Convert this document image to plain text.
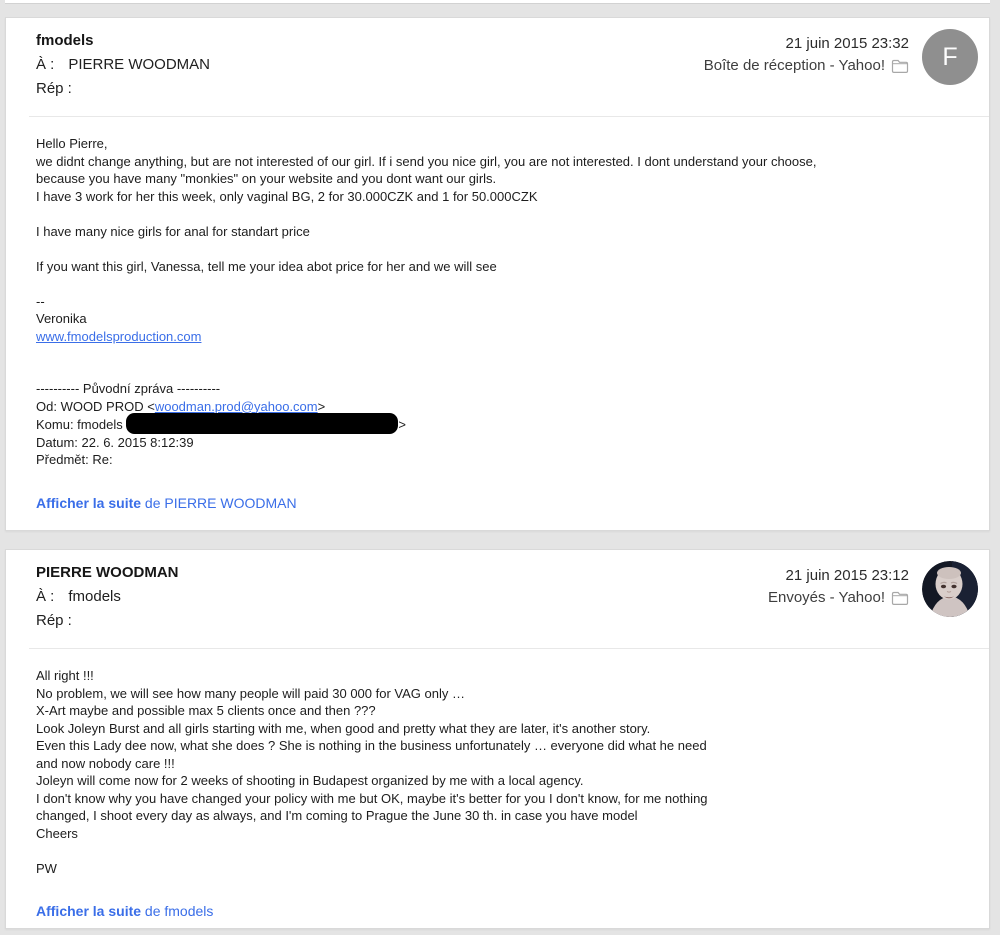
fmodels
À : PIERRE WOODMAN
Rép :
21 juin 2015 23:32
Boîte de réception - Yahoo!	F
Hello Pierre,
we didnt change anything, but are not interested of our girl. If i send you nice girl, you are not interested. I dont understand your choose,
because you have many "monkies" on your website and you dont want our girls.
I have 3 work for her this week, only vaginal BG, 2 for 30.000CZK and 1 for 50.000CZK

I have many nice girls for anal for standart price

If you want this girl, Vanessa, tell me your idea abot price for her and we will see

--
Veronika
www.fmodelsproduction.com
---------- Původní zpráva ----------
Od: WOOD PROD <woodman.prod@yahoo.com>
Komu: fmodels	>
Datum: 22. 6. 2015 8:12:39
Předmět: Re:
Afficher la suite de PIERRE WOODMAN
PIERRE WOODMAN
À : fmodels
Rép :
21 juin 2015 23:12
Envoyés - Yahoo!
All right !!!
No problem, we will see how many people will paid 30 000 for VAG only …
X-Art maybe and possible max 5 clients once and then ???
Look Joleyn Burst and all girls starting with me, when good and pretty what they are later, it's another story.
Even this Lady dee now, what she does ? She is nothing in the business unfortunately … everyone did what he need
and now nobody care !!!
Joleyn will come now for 2 weeks of shooting in Budapest organized by me with a local agency.
I don't know why you have changed your policy with me but OK, maybe it's better for you I don't know, for me nothing
changed, I shoot every day as always, and I'm coming to Prague the June 30 th. in case you have model
Cheers

PW
Afficher la suite de fmodels
